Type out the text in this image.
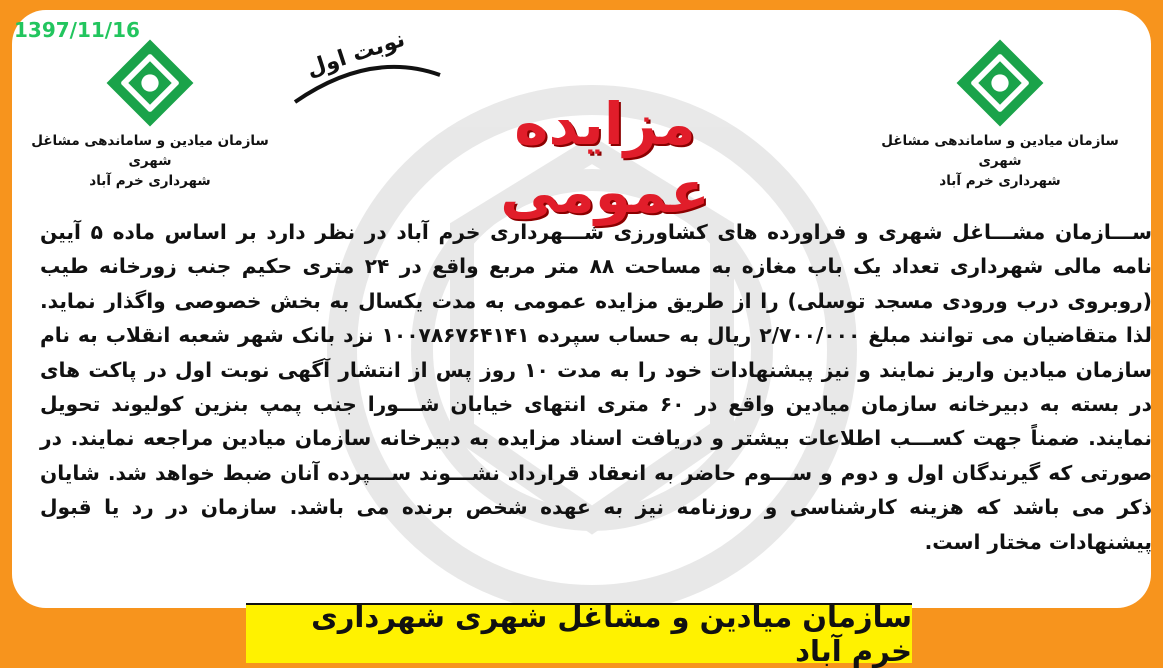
1397/11/16
سازمان میادین و ساماندهی مشاغل شهری
شهرداری خرم آباد
سازمان میادین و ساماندهی مشاغل شهری
شهرداری خرم آباد
نوبت اول
مزایده عمومی
ســـازمان مشـــاغل شهری و فراورده های کشاورزی شـــهرداری خرم آباد در نظر دارد بر اساس ماده ۵ آیین نامه مالی شهرداری تعداد یک باب مغازه به مساحت ۸۸ متر مربع واقع در ۲۴ متری حکیم جنب زورخانه طیب (روبروی درب ورودی مسجد توسلی) را از طریق مزایده عمومی به مدت یکسال به بخش خصوصی واگذار نماید. لذا متقاضیان می توانند مبلغ ۲/۷۰۰/۰۰۰ ریال به حساب سپرده ۱۰۰۷۸۶۷۶۴۱۴۱ نزد بانک شهر شعبه انقلاب به نام سازمان میادین واریز نمایند و نیز پیشنهادات خود را به مدت ۱۰ روز پس از انتشار آگهی نوبت اول در پاکت های در بسته به دبیرخانه سازمان میادین واقع در ۶۰ متری انتهای خیابان شـــورا جنب پمپ بنزین کولیوند تحویل نمایند. ضمناً جهت کســـب اطلاعات بیشتر و دریافت اسناد مزایده به دبیرخانه سازمان میادین مراجعه نمایند. در صورتی که گیرندگان اول و دوم و ســـوم حاضر به انعقاد قرارداد نشـــوند ســـپرده آنان ضبط خواهد شد. شایان ذکر می باشد که هزینه کارشناسی و روزنامه نیز به عهده شخص برنده می باشد. سازمان در رد یا قبول پیشنهادات مختار است.
سازمان میادین و مشاغل شهری شهرداری خرم آباد
